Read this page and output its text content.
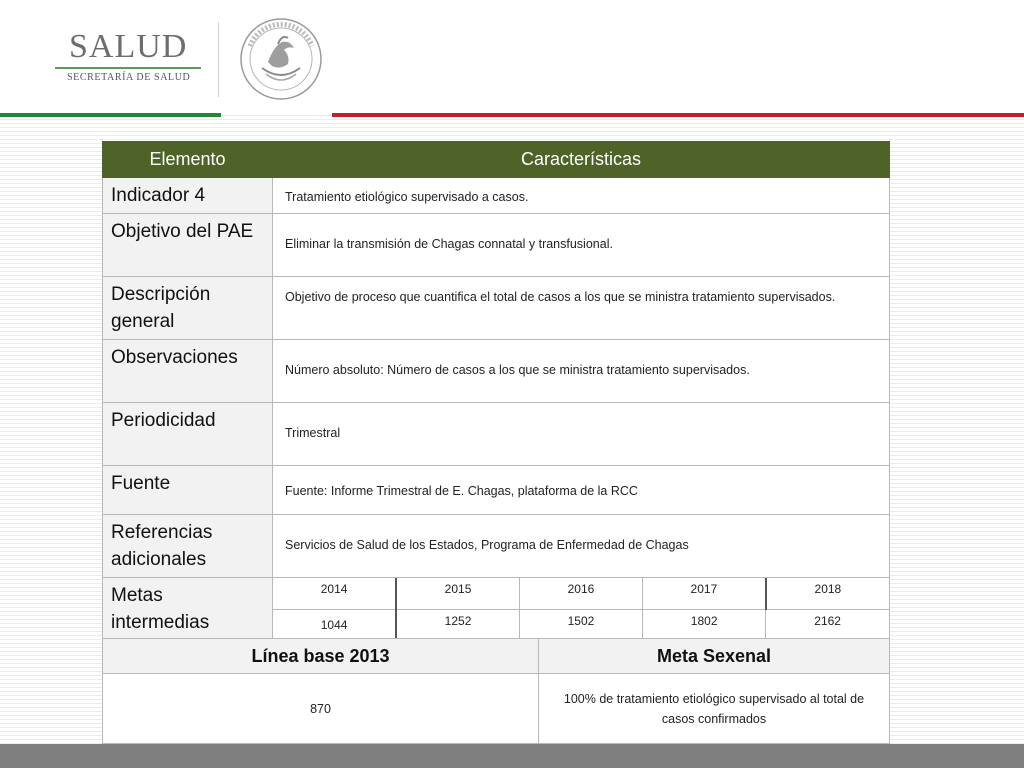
SALUD
SECRETARÍA DE SALUD
Elemento	Características
Indicador 4	Tratamiento etiológico supervisado a casos.
Objetivo del PAE	Eliminar la transmisión de Chagas connatal y transfusional.
Descripción general	Objetivo de proceso que cuantifica el total de casos a los que se ministra tratamiento supervisados.
Observaciones	Número absoluto: Número de casos a los que se ministra tratamiento supervisados.
Periodicidad	Trimestral
Fuente	Fuente: Informe Trimestral de E. Chagas, plataforma de la RCC
Referencias adicionales	Servicios de Salud de los Estados, Programa de Enfermedad de Chagas
Metas intermedias	
2014	2015	2016	2017	2018
1044	1252	1502	1802	2162
Línea base 2013	Meta Sexenal
870	100% de tratamiento etiológico supervisado al total de casos confirmados
